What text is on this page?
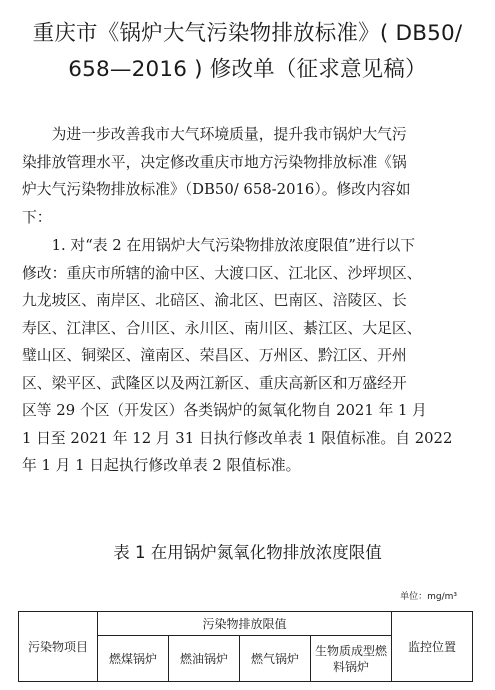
重庆市《锅炉大气污染物排放标准》( DB50/
658—2016 ) 修改单（征求意见稿）
　　为进一步改善我市大气环境质量，提升我市锅炉大气污
染排放管理水平，决定修改重庆市地方污染物排放标准《锅
炉大气污染物排放标准》（DB50/ 658-2016）。修改内容如
下：
　　1. 对“表 2 在用锅炉大气污染物排放浓度限值”进行以下
修改：重庆市所辖的渝中区、大渡口区、江北区、沙坪坝区、
九龙坡区、南岸区、北碚区、渝北区、巴南区、涪陵区、长
寿区、江津区、合川区、永川区、南川区、綦江区、大足区、
璧山区、铜梁区、潼南区、荣昌区、万州区、黔江区、开州
区、梁平区、武隆区以及两江新区、重庆高新区和万盛经开
区等 29 个区（开发区）各类锅炉的氮氧化物自 2021 年 1 月
1 日至 2021 年 12 月 31 日执行修改单表 1 限值标准。自 2022
年 1 月 1 日起执行修改单表 2 限值标准。
表 1 在用锅炉氮氧化物排放浓度限值
单位：mg/m³
污染物项目	污染物排放限值				监控位置
	燃煤锅炉	燃油锅炉	燃气锅炉	生物质成型燃料锅炉	
